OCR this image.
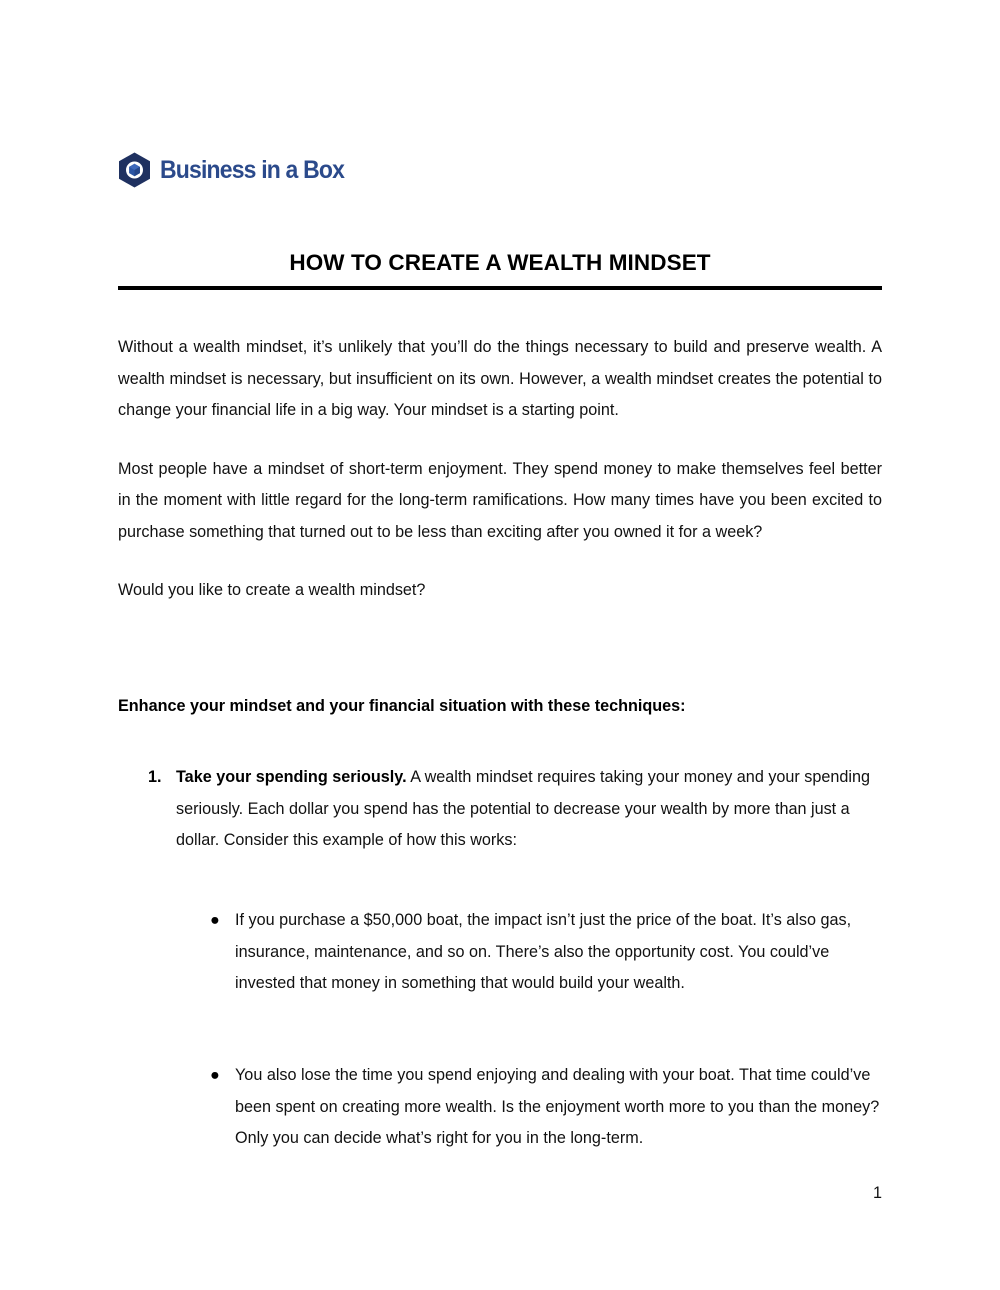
Business in a Box
HOW TO CREATE A WEALTH MINDSET

Without a wealth mindset, it’s unlikely that you’ll do the things necessary to build and preserve wealth. A wealth mindset is necessary, but insufficient on its own. However, a wealth mindset creates the potential to change your financial life in a big way. Your mindset is a starting point.

Most people have a mindset of short-term enjoyment. They spend money to make themselves feel better in the moment with little regard for the long-term ramifications. How many times have you been excited to purchase something that turned out to be less than exciting after you owned it for a week?

Would you like to create a wealth mindset?

Enhance your mindset and your financial situation with these techniques:

1. Take your spending seriously. A wealth mindset requires taking your money and your spending seriously. Each dollar you spend has the potential to decrease your wealth by more than just a dollar. Consider this example of how this works:
● If you purchase a $50,000 boat, the impact isn’t just the price of the boat. It’s also gas, insurance, maintenance, and so on. There’s also the opportunity cost. You could’ve invested that money in something that would build your wealth.
● You also lose the time you spend enjoying and dealing with your boat. That time could’ve been spent on creating more wealth. Is the enjoyment worth more to you than the money? Only you can decide what’s right for you in the long-term.
1
